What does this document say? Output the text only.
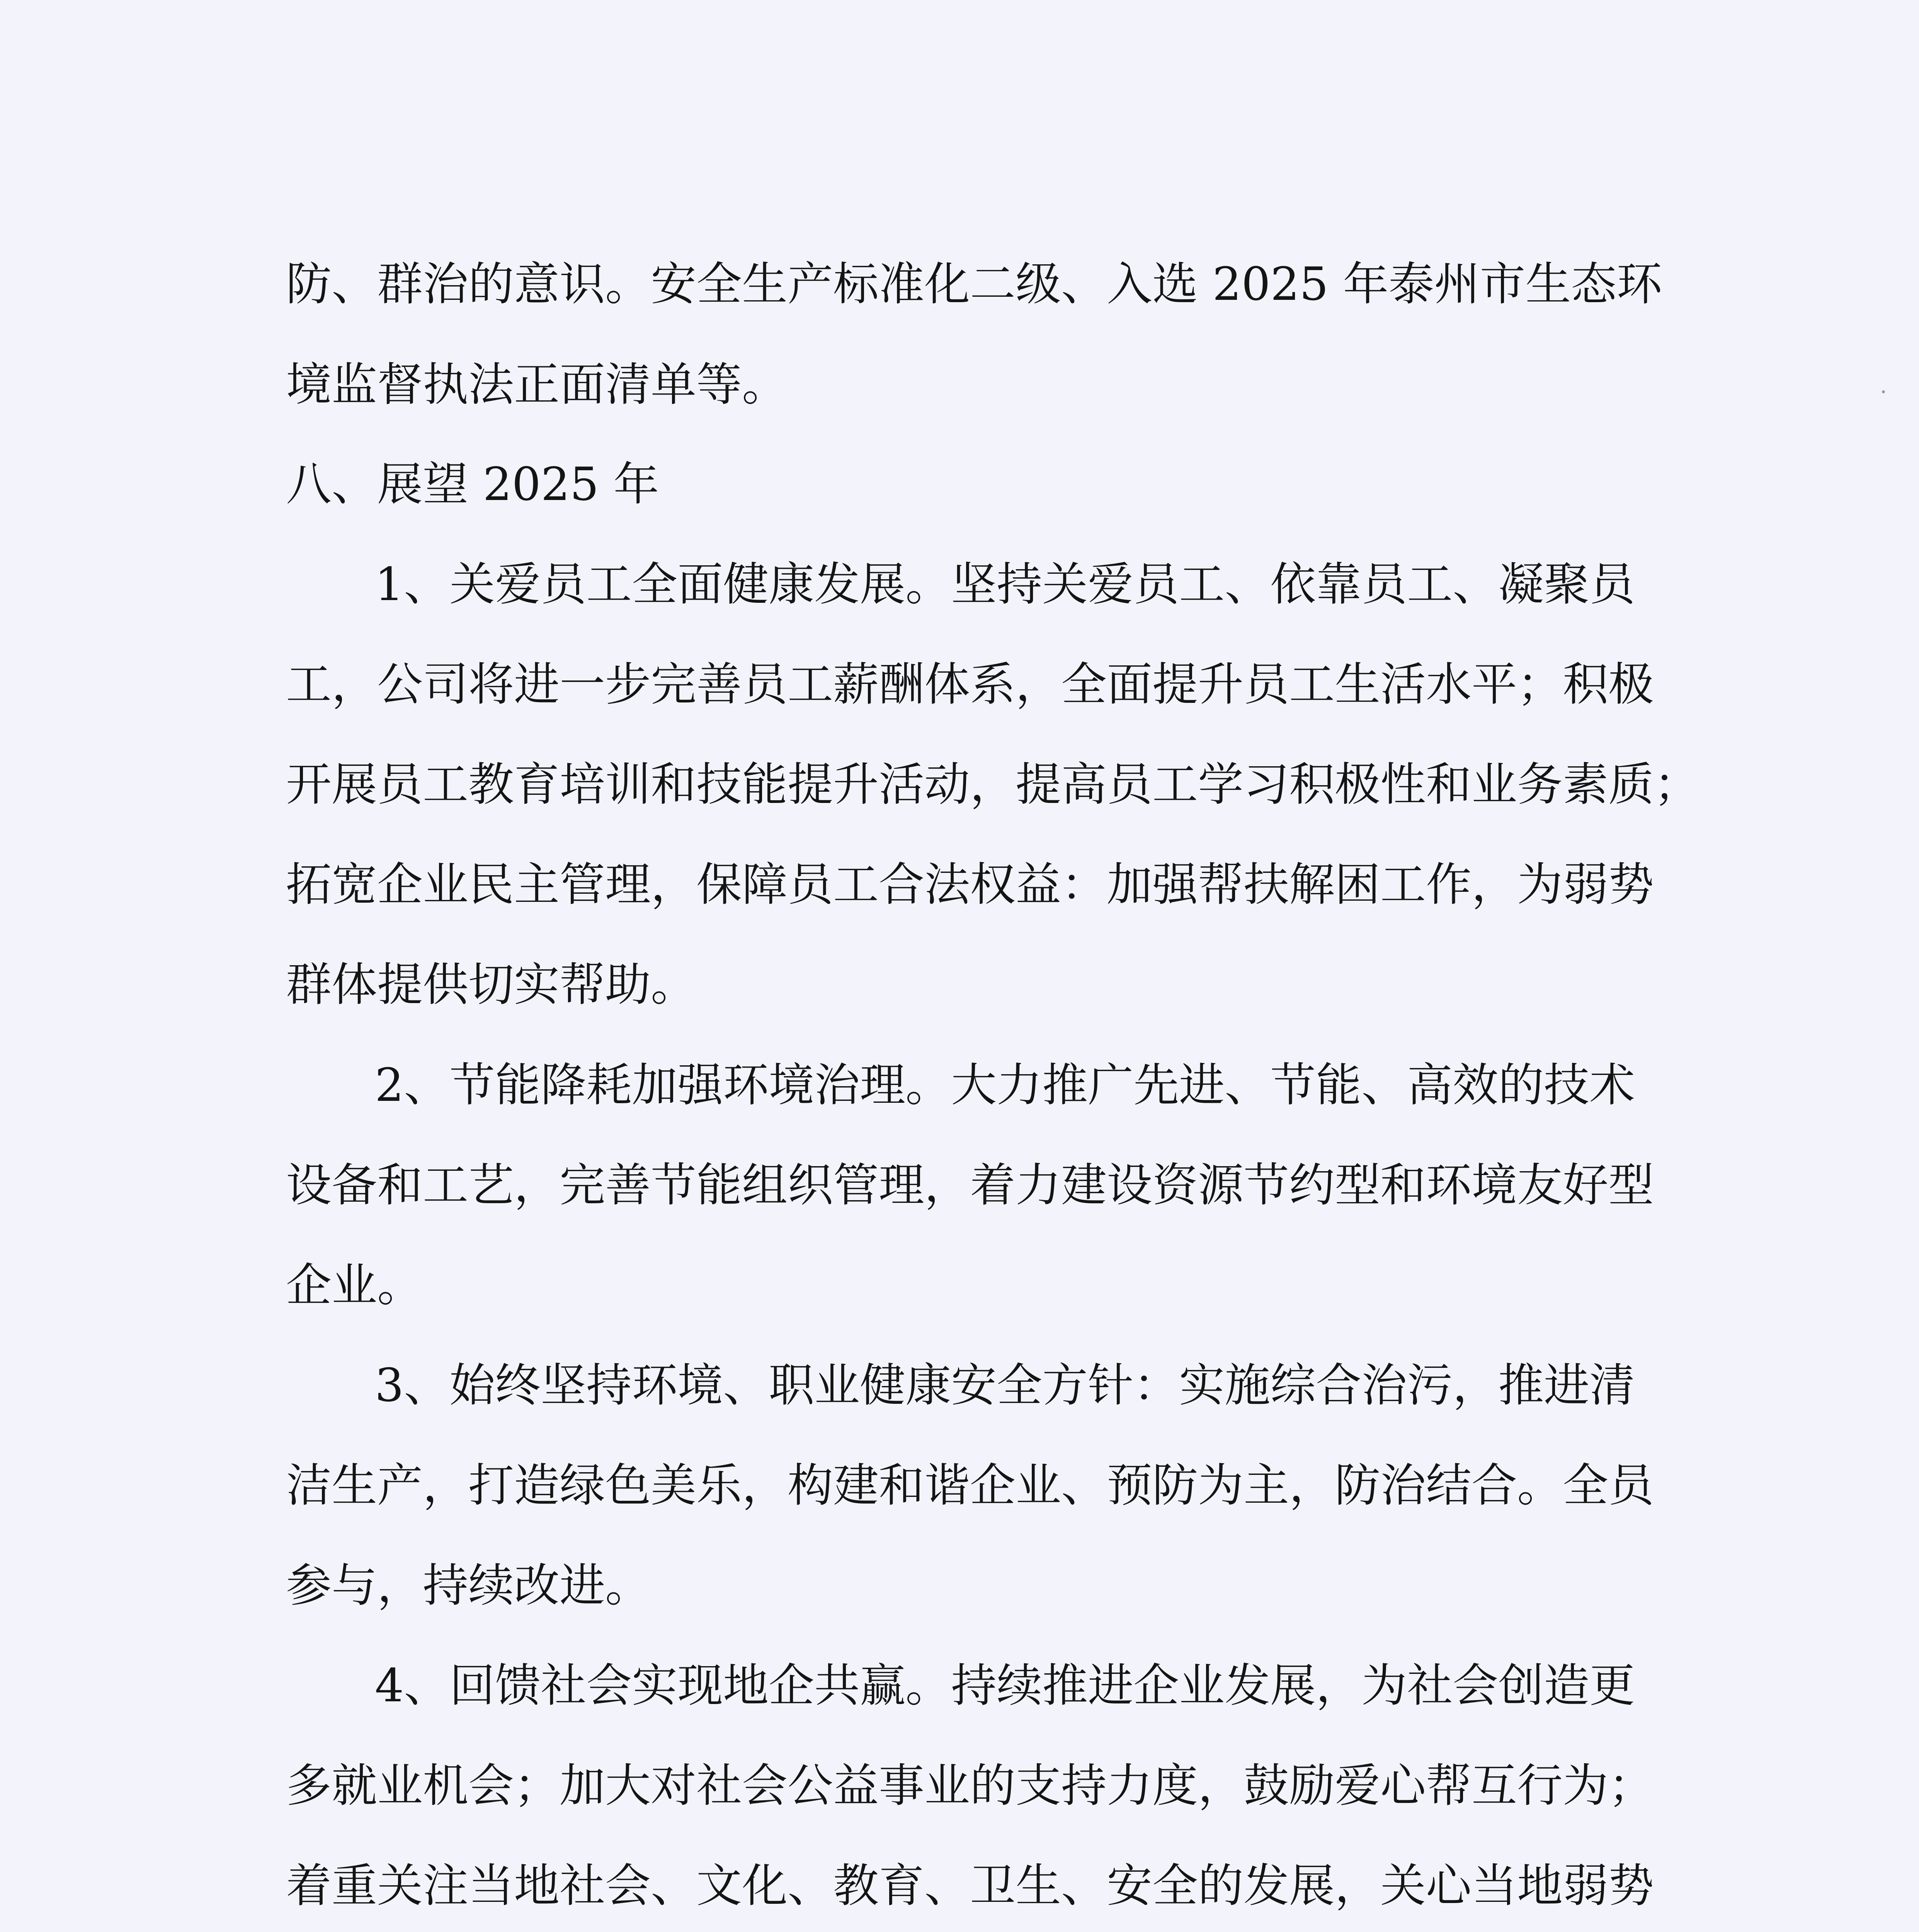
防、群治的意识。安全生产标准化二级、入选 2025 年泰州市生态环
境监督执法正面清单等。
八、展望 2025 年
1、关爱员工全面健康发展。坚持关爱员工、依靠员工、凝聚员
工，公司将进一步完善员工薪酬体系，全面提升员工生活水平；积极
开展员工教育培训和技能提升活动，提高员工学习积极性和业务素质；
拓宽企业民主管理，保障员工合法权益：加强帮扶解困工作，为弱势
群体提供切实帮助。
2、节能降耗加强环境治理。大力推广先进、节能、高效的技术
设备和工艺，完善节能组织管理，着力建设资源节约型和环境友好型
企业。
3、始终坚持环境、职业健康安全方针：实施综合治污，推进清
洁生产，打造绿色美乐，构建和谐企业、预防为主，防治结合。全员
参与，持续改进。
4、回馈社会实现地企共赢。持续推进企业发展，为社会创造更
多就业机会；加大对社会公益事业的支持力度，鼓励爱心帮互行为；
着重关注当地社会、文化、教育、卫生、安全的发展，关心当地弱势
